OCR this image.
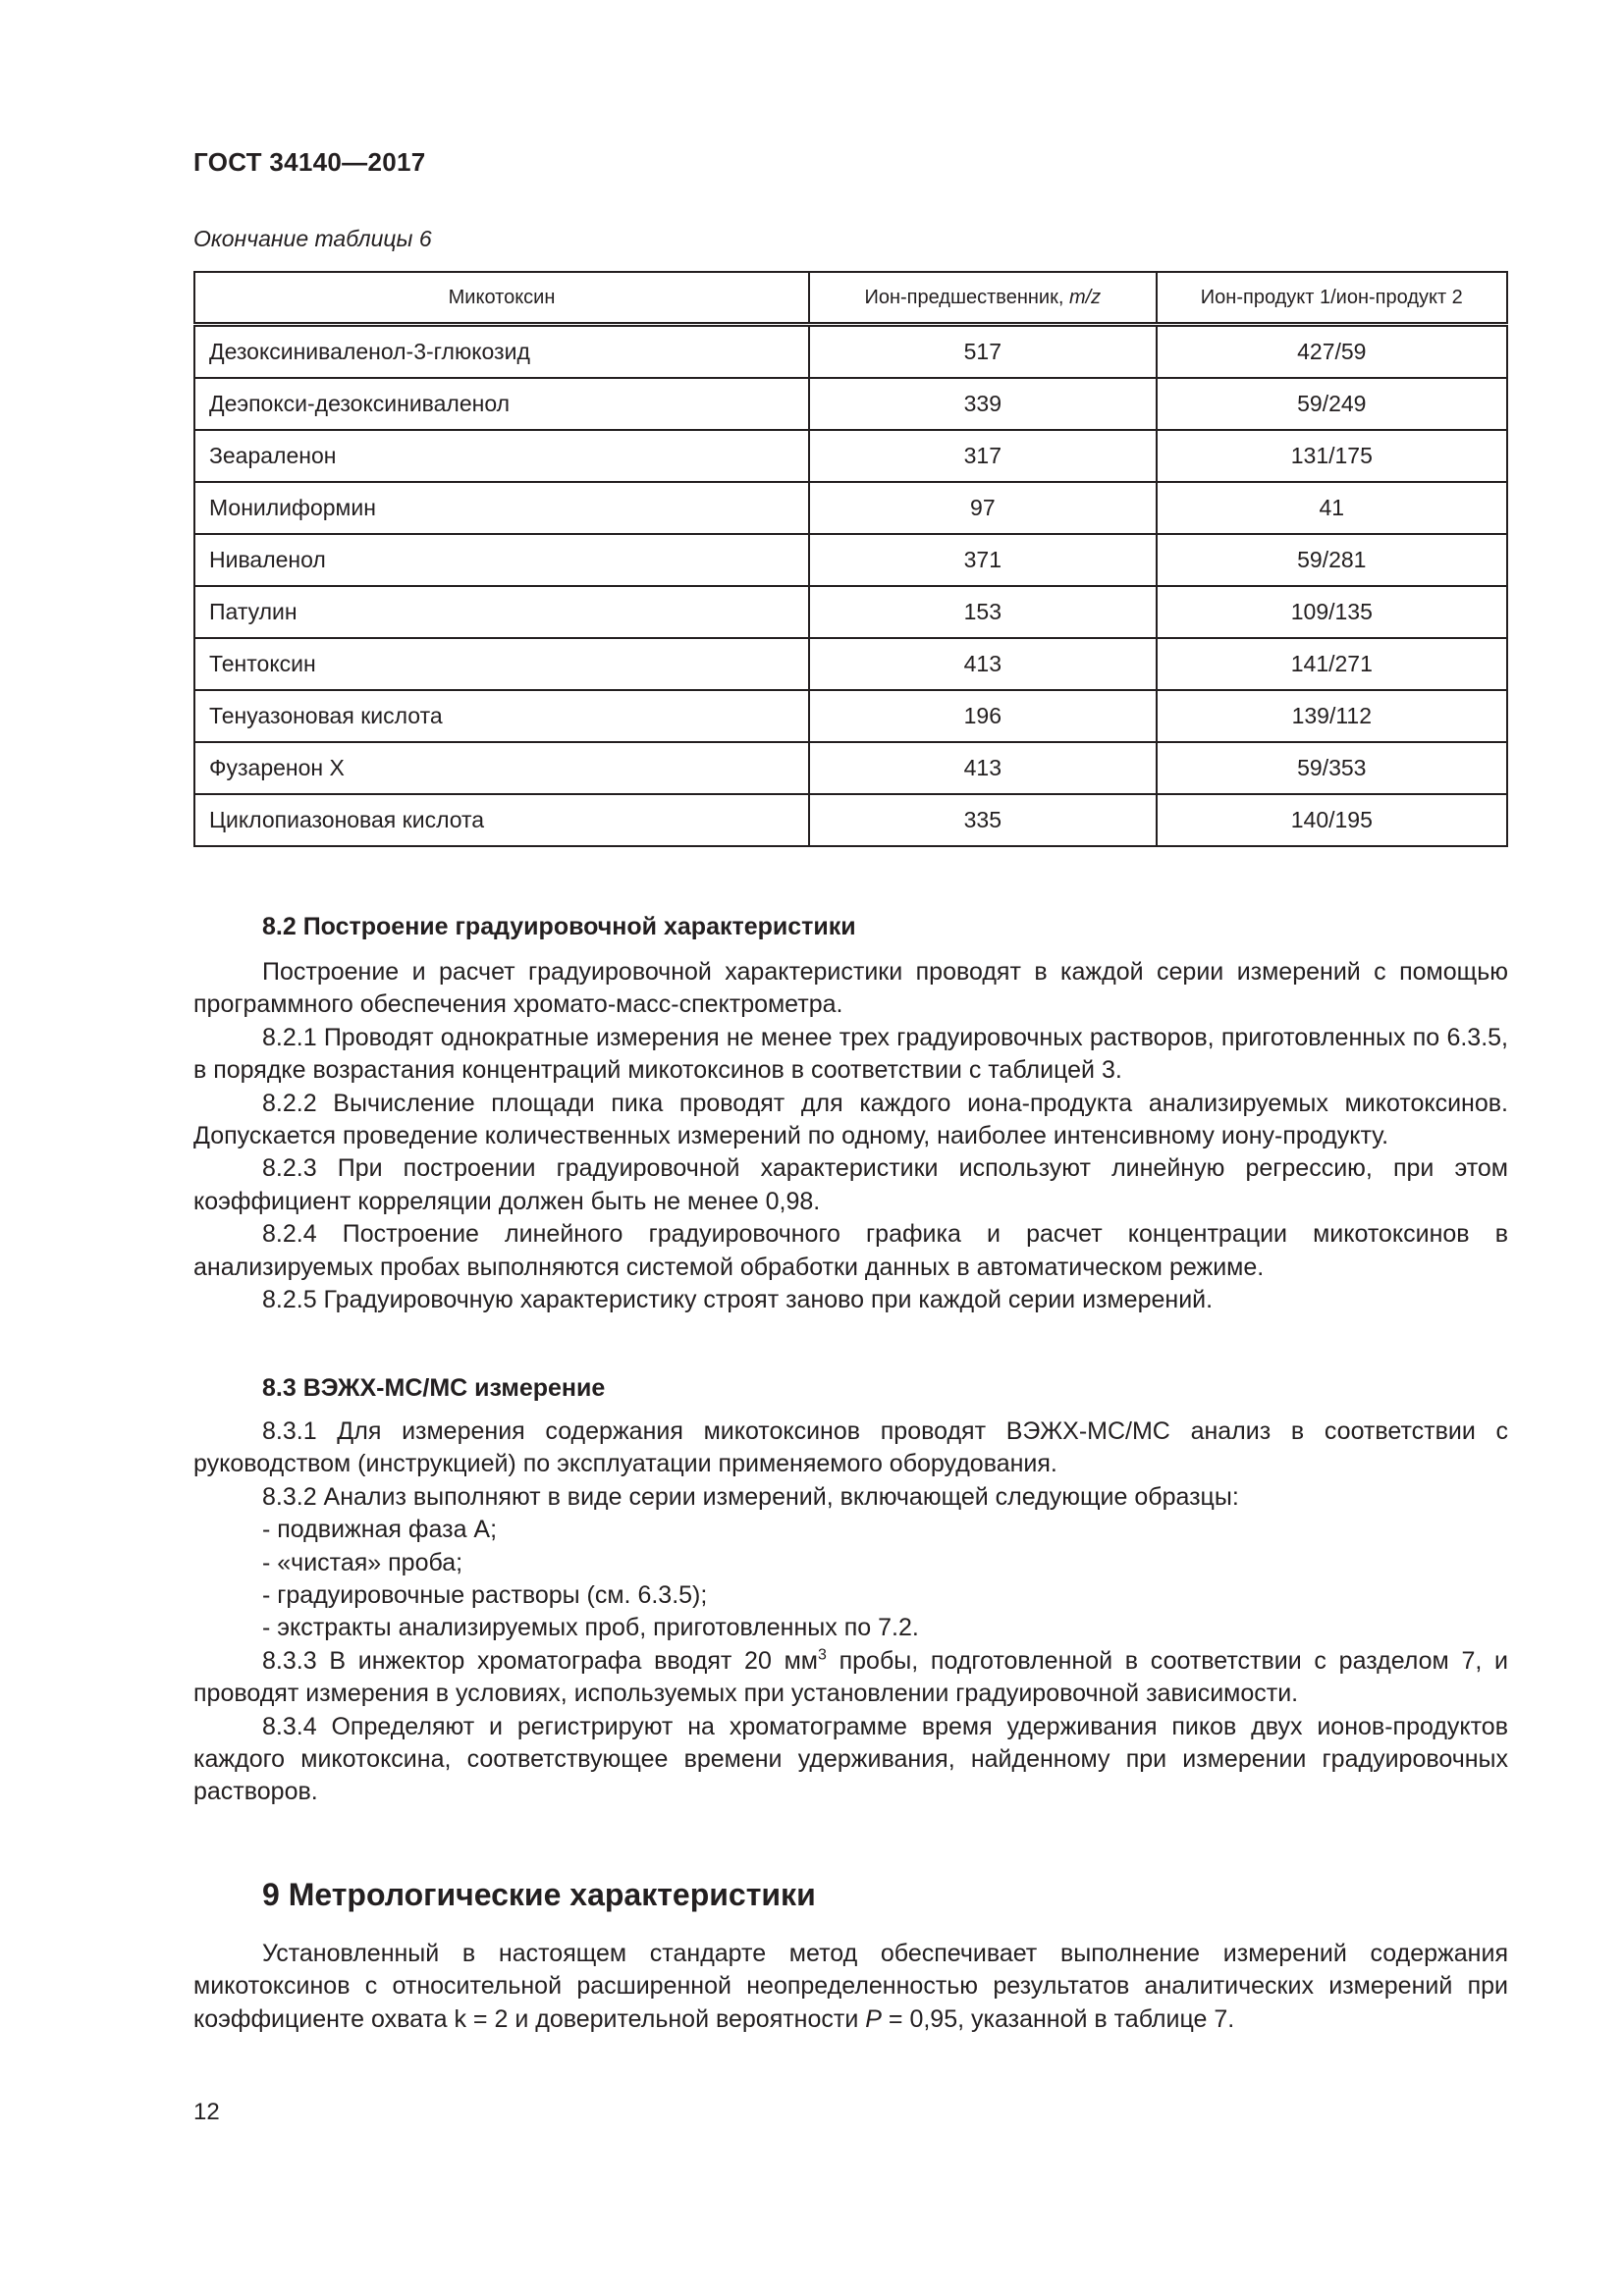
ГОСТ 34140—2017
Окончание таблицы 6
Микотоксин	Ион-предшественник, m/z	Ион-продукт 1/ион-продукт 2
Дезоксиниваленол-3-глюкозид	517	427/59
Деэпокси-дезоксиниваленол	339	59/249
Зеараленон	317	131/175
Монилиформин	97	41
Ниваленол	371	59/281
Патулин	153	109/135
Тентоксин	413	141/271
Тенуазоновая кислота	196	139/112
Фузаренон Х	413	59/353
Циклопиазоновая кислота	335	140/195
8.2 Построение градуировочной характеристики

Построение и расчет градуировочной характеристики проводят в каждой серии измерений с помощью программного обеспечения хромато-масс-спектрометра.

8.2.1 Проводят однократные измерения не менее трех градуировочных растворов, приготовленных по 6.3.5, в порядке возрастания концентраций микотоксинов в соответствии с таблицей 3.

8.2.2 Вычисление площади пика проводят для каждого иона-продукта анализируемых микотоксинов. Допускается проведение количественных измерений по одному, наиболее интенсивному иону-продукту.

8.2.3 При построении градуировочной характеристики используют линейную регрессию, при этом коэффициент корреляции должен быть не менее 0,98.

8.2.4 Построение линейного градуировочного графика и расчет концентрации микотоксинов в анализируемых пробах выполняются системой обработки данных в автоматическом режиме.

8.2.5 Градуировочную характеристику строят заново при каждой серии измерений.

8.3 ВЭЖХ-МС/МС измерение

8.3.1 Для измерения содержания микотоксинов проводят ВЭЖХ-МС/МС анализ в соответствии с руководством (инструкцией) по эксплуатации применяемого оборудования.

8.3.2 Анализ выполняют в виде серии измерений, включающей следующие образцы:

- подвижная фаза А;

- «чистая» проба;

- градуировочные растворы (см. 6.3.5);

- экстракты анализируемых проб, приготовленных по 7.2.

8.3.3 В инжектор хроматографа вводят 20 $мм^3$ пробы, подготовленной в соответствии с разделом 7, и проводят измерения в условиях, используемых при установлении градуировочной зависимости.

8.3.4 Определяют и регистрируют на хроматограмме время удерживания пиков двух ионов-продуктов каждого микотоксина, соответствующее времени удерживания, найденному при измерении градуировочных растворов.

9 Метрологические характеристики

Установленный в настоящем стандарте метод обеспечивает выполнение измерений содержания микотоксинов с относительной расширенной неопределенностью результатов аналитических измерений при коэффициенте охвата k = 2 и доверительной вероятности P = 0,95, указанной в таблице 7.

12
